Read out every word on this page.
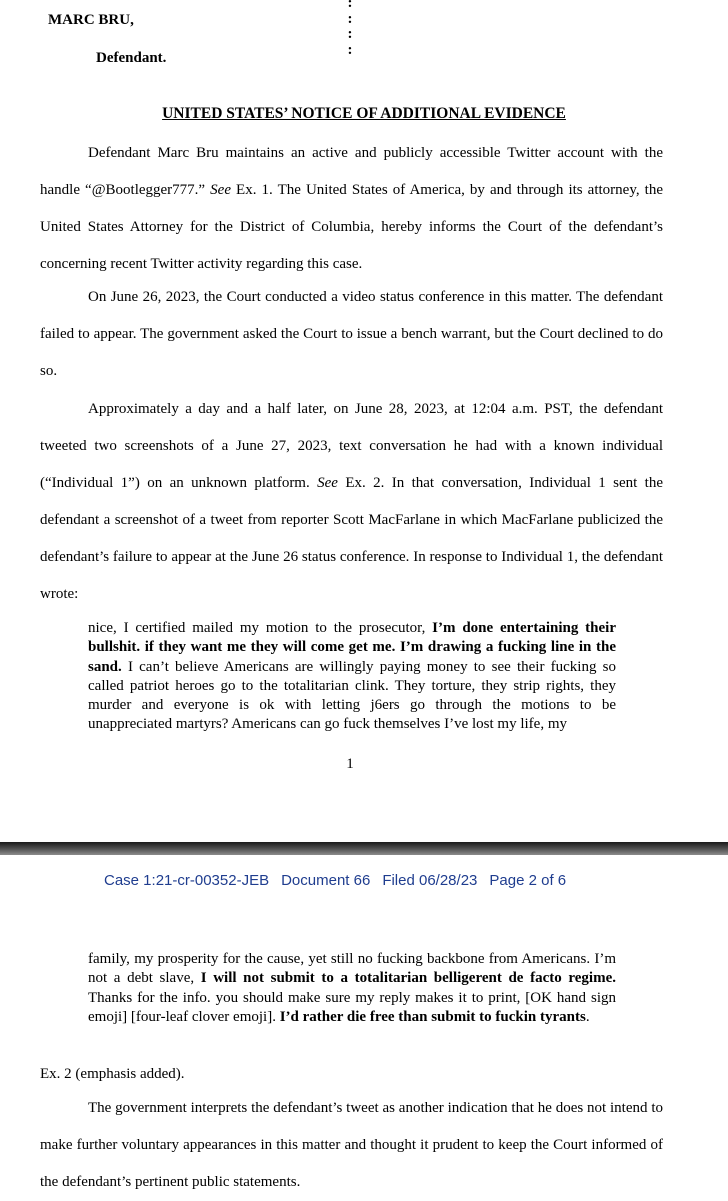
MARC BRU,
Defendant.
:
:
:
:
UNITED STATES’ NOTICE OF ADDITIONAL EVIDENCE

Defendant Marc Bru maintains an active and publicly accessible Twitter account with the handle “@Bootlegger777.” See Ex. 1. The United States of America, by and through its attorney, the United States Attorney for the District of Columbia, hereby informs the Court of the defendant’s concerning recent Twitter activity regarding this case.

On June 26, 2023, the Court conducted a video status conference in this matter. The defendant failed to appear. The government asked the Court to issue a bench warrant, but the Court declined to do so.

Approximately a day and a half later, on June 28, 2023, at 12:04 a.m. PST, the defendant tweeted two screenshots of a June 27, 2023, text conversation he had with a known individual (“Individual 1”) on an unknown platform. See Ex. 2. In that conversation, Individual 1 sent the defendant a screenshot of a tweet from reporter Scott MacFarlane in which MacFarlane publicized the defendant’s failure to appear at the June 26 status conference. In response to Individual 1, the defendant wrote:

nice, I certified mailed my motion to the prosecutor, I’m done entertaining their bullshit. if they want me they will come get me. I’m drawing a fucking line in the sand. I can’t believe Americans are willingly paying money to see their fucking so called patriot heroes go to the totalitarian clink. They torture, they strip rights, they murder and everyone is ok with letting j6ers go through the motions to be unappreciated martyrs? Americans can go fuck themselves I’ve lost my life, my

1
Case 1:21-cr-00352-JEB Document 66 Filed 06/28/23 Page 2 of 6

family, my prosperity for the cause, yet still no fucking backbone from Americans. I’m not a debt slave, I will not submit to a totalitarian belligerent de facto regime. Thanks for the info. you should make sure my reply makes it to print, [OK hand sign emoji] [four-leaf clover emoji]. I’d rather die free than submit to fuckin tyrants.

Ex. 2 (emphasis added).

The government interprets the defendant’s tweet as another indication that he does not intend to make further voluntary appearances in this matter and thought it prudent to keep the Court informed of the defendant’s pertinent public statements.
